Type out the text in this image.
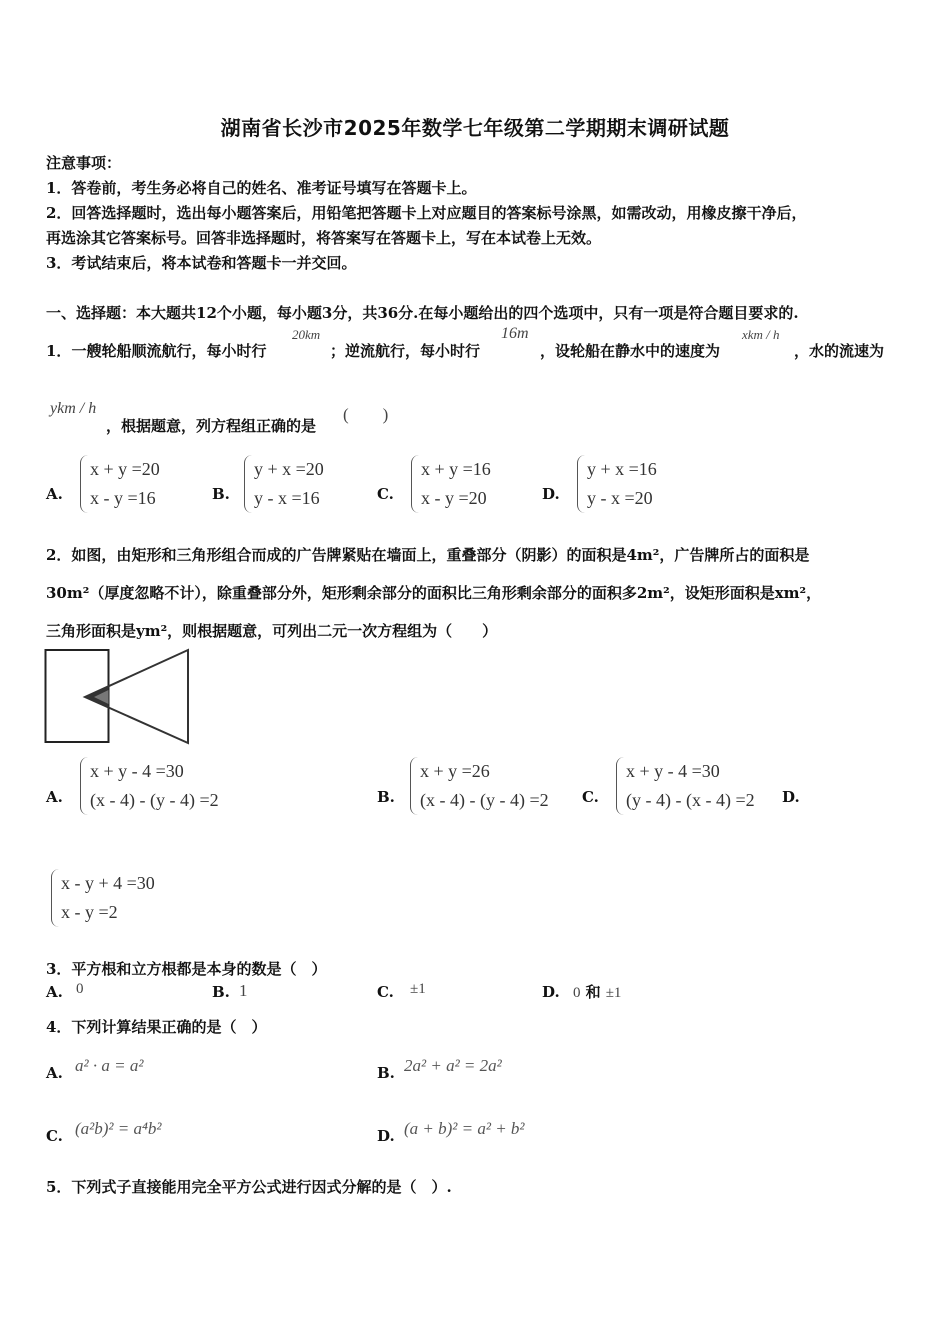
湖南省长沙市2025年数学七年级第二学期期末调研试题
注意事项：
1．答卷前，考生务必将自己的姓名、准考证号填写在答题卡上。
2．回答选择题时，选出每小题答案后，用铅笔把答题卡上对应题目的答案标号涂黑，如需改动，用橡皮擦干净后，
再选涂其它答案标号。回答非选择题时，将答案写在答题卡上，写在本试卷上无效。
3．考试结束后，将本试卷和答题卡一并交回。
一、选择题：本大题共12个小题，每小题3分，共36分.在每小题给出的四个选项中，只有一项是符合题目要求的.
1．一艘轮船顺流航行，每小时行
20km
；逆流航行，每小时行
16m
，设轮船在静水中的速度为
xkm / h
，水的流速为
ykm / h
，根据题意，列方程组正确的是
(　　)
A.
x + y =20
x - y =16	B.
y + x =20
y - x =16	C.
x + y =16
x - y =20	D.
y + x =16
y - x =20
2．如图，由矩形和三角形组合而成的广告牌紧贴在墙面上，重叠部分（阴影）的面积是4m²，广告牌所占的面积是
30m²（厚度忽略不计），除重叠部分外，矩形剩余部分的面积比三角形剩余部分的面积多2m²，设矩形面积是xm²，
三角形面积是ym²，则根据题意，可列出二元一次方程组为（　　）
A.
x + y - 4 =30
(x - 4) - (y - 4) =2	B.
x + y =26
(x - 4) - (y - 4) =2 C.
x + y - 4 =30
(y - 4) - (x - 4) =2 D.
x - y + 4 =30
x - y =2
3．平方根和立方根都是本身的数是（　）
A. 0	B. 1	C. ±1	D. 0 和 ±1
4．下列计算结果正确的是（　）
A. a² · a = a²	B. 2a² + a² = 2a²
C. (a²b)² = a⁴b²	D. (a + b)² = a² + b²
5．下列式子直接能用完全平方公式进行因式分解的是（　）.
